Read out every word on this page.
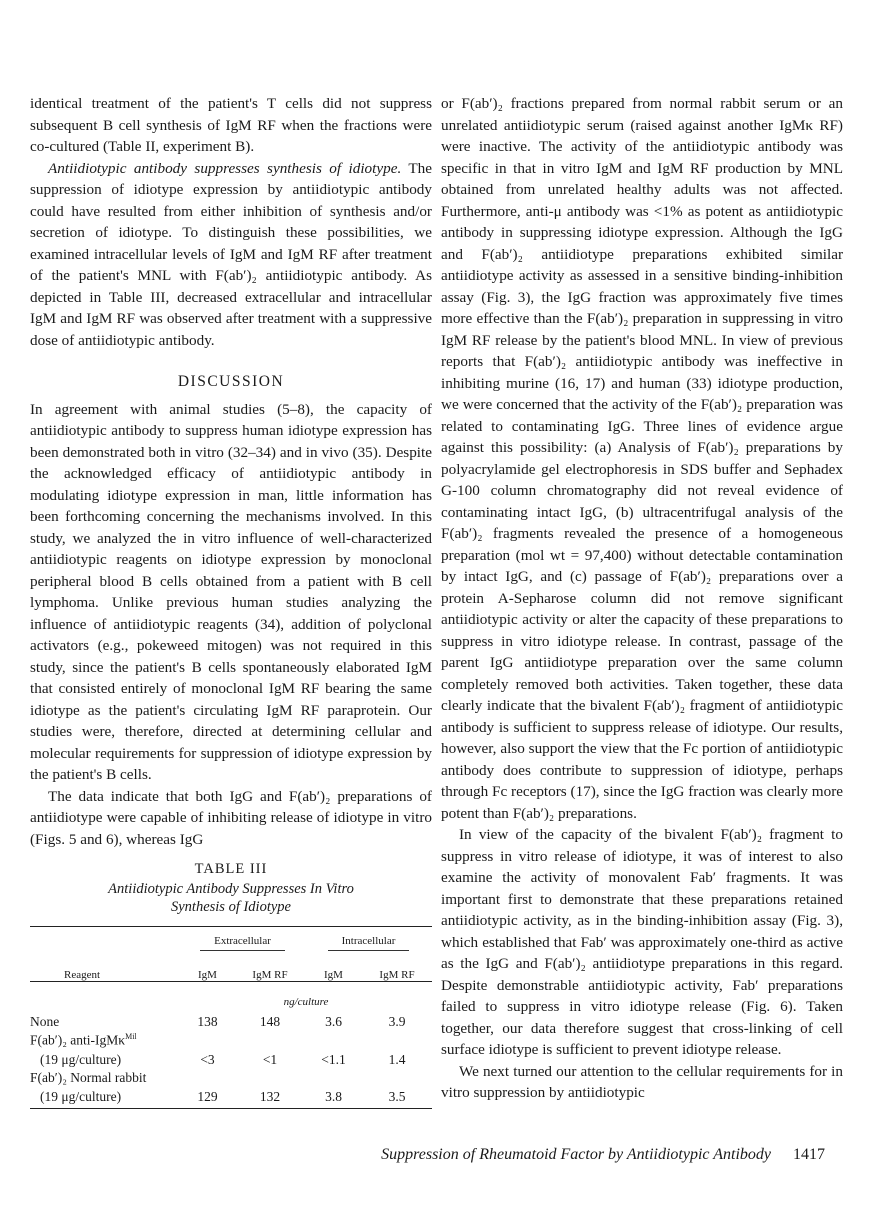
identical treatment of the patient's T cells did not suppress subsequent B cell synthesis of IgM RF when the fractions were co-cultured (Table II, experiment B).

Antiidiotypic antibody suppresses synthesis of idiotype. The suppression of idiotype expression by antiidiotypic antibody could have resulted from either inhibition of synthesis and/or secretion of idiotype. To distinguish these possibilities, we examined intracellular levels of IgM and IgM RF after treatment of the patient's MNL with F(ab′)₂ antiidiotypic antibody. As depicted in Table III, decreased extracellular and intracellular IgM and IgM RF was observed after treatment with a suppressive dose of antiidiotypic antibody.

DISCUSSION

In agreement with animal studies (5–8), the capacity of antiidiotypic antibody to suppress human idiotype expression has been demonstrated both in vitro (32–34) and in vivo (35). Despite the acknowledged efficacy of antiidiotypic antibody in modulating idiotype expression in man, little information has been forthcoming concerning the mechanisms involved. In this study, we analyzed the in vitro influence of well-characterized antiidiotypic reagents on idiotype expression by monoclonal peripheral blood B cells obtained from a patient with B cell lymphoma. Unlike previous human studies analyzing the influence of antiidiotypic reagents (34), addition of polyclonal activators (e.g., pokeweed mitogen) was not required in this study, since the patient's B cells spontaneously elaborated IgM that consisted entirely of monoclonal IgM RF bearing the same idiotype as the patient's circulating IgM RF paraprotein. Our studies were, therefore, directed at determining cellular and molecular requirements for suppression of idiotype expression by the patient's B cells.

The data indicate that both IgG and F(ab′)₂ preparations of antiidiotype were capable of inhibiting release of idiotype in vitro (Figs. 5 and 6), whereas IgG

TABLE III
Antiidiotypic Antibody Suppresses In Vitro
Synthesis of Idiotype
	Extracellular		Intracellular	
Reagent	IgM	IgM RF	IgM	IgM RF
	ng/culture			
None	138	148	3.6	3.9
F(ab′)₂ anti-IgMκ$^{Mil}$				
(19 μg/culture)	<3	<1	<1.1	1.4
F(ab′)₂ Normal rabbit				
(19 μg/culture)	129	132	3.8	3.5

or F(ab′)₂ fractions prepared from normal rabbit serum or an unrelated antiidiotypic serum (raised against another IgMκ RF) were inactive. The activity of the antiidiotypic antibody was specific in that in vitro IgM and IgM RF production by MNL obtained from unrelated healthy adults was not affected. Furthermore, anti-μ antibody was <1% as potent as antiidiotypic antibody in suppressing idiotype expression. Although the IgG and F(ab′)₂ antiidiotype preparations exhibited similar antiidiotype activity as assessed in a sensitive binding-inhibition assay (Fig. 3), the IgG fraction was approximately five times more effective than the F(ab′)₂ preparation in suppressing in vitro IgM RF release by the patient's blood MNL. In view of previous reports that F(ab′)₂ antiidiotypic antibody was ineffective in inhibiting murine (16, 17) and human (33) idiotype production, we were concerned that the activity of the F(ab′)₂ preparation was related to contaminating IgG. Three lines of evidence argue against this possibility: (a) Analysis of F(ab′)₂ preparations by polyacrylamide gel electrophoresis in SDS buffer and Sephadex G-100 column chromatography did not reveal evidence of contaminating intact IgG, (b) ultracentrifugal analysis of the F(ab′)₂ fragments revealed the presence of a homogeneous preparation (mol wt = 97,400) without detectable contamination by intact IgG, and (c) passage of F(ab′)₂ preparations over a protein A-Sepharose column did not remove significant antiidiotypic activity or alter the capacity of these preparations to suppress in vitro idiotype release. In contrast, passage of the parent IgG antiidiotype preparation over the same column completely removed both activities. Taken together, these data clearly indicate that the bivalent F(ab′)₂ fragment of antiidiotypic antibody is sufficient to suppress release of idiotype. Our results, however, also support the view that the Fc portion of antiidiotypic antibody does contribute to suppression of idiotype, perhaps through Fc receptors (17), since the IgG fraction was clearly more potent than F(ab′)₂ preparations.

In view of the capacity of the bivalent F(ab′)₂ fragment to suppress in vitro release of idiotype, it was of interest to also examine the activity of monovalent Fab′ fragments. It was important first to demonstrate that these preparations retained antiidiotypic activity, as in the binding-inhibition assay (Fig. 3), which established that Fab′ was approximately one-third as active as the IgG and F(ab′)₂ antiidiotype preparations in this regard. Despite demonstrable antiidiotypic activity, Fab′ preparations failed to suppress in vitro idiotype release (Fig. 6). Taken together, our data therefore suggest that cross-linking of cell surface idiotype is sufficient to prevent idiotype release.

We next turned our attention to the cellular requirements for in vitro suppression by antiidiotypic

Suppression of Rheumatoid Factor by Antiidiotypic Antibody 1417
